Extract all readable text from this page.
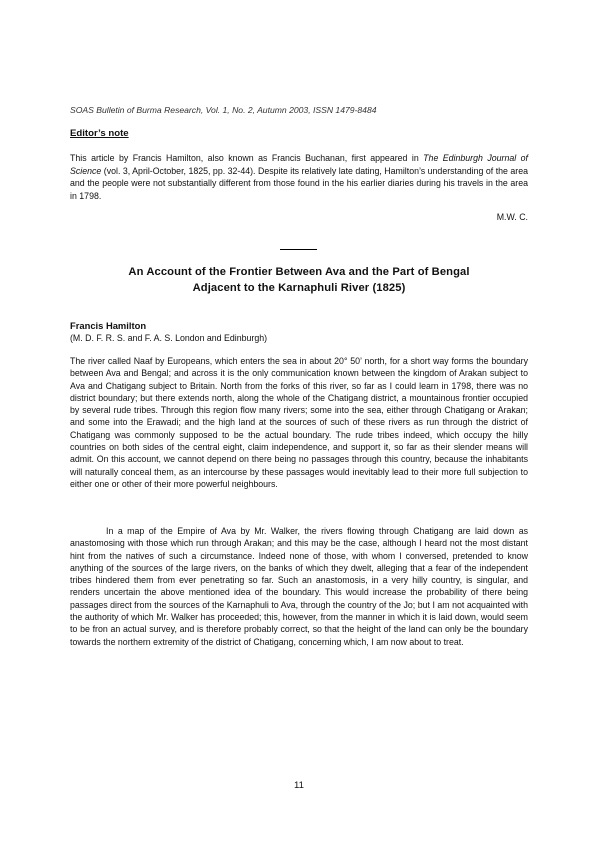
SOAS Bulletin of Burma Research, Vol. 1, No. 2, Autumn 2003, ISSN 1479-8484
Editor’s note
This article by Francis Hamilton, also known as Francis Buchanan, first appeared in The Edinburgh Journal of Science (vol. 3, April-October, 1825, pp. 32-44). Despite its relatively late dating, Hamilton’s understanding of the area and the people were not substantially different from those found in the his earlier diaries during his travels in the area in 1798.
M.W. C.
An Account of the Frontier Between Ava and the Part of Bengal
Adjacent to the Karnaphuli River (1825)
Francis Hamilton
(M. D. F. R. S. and F. A. S. London and Edinburgh)
The river called Naaf by Europeans, which enters the sea in about 20° 50’ north, for a short way forms the boundary between Ava and Bengal; and across it is the only communication known between the kingdom of Arakan subject to Ava and Chatigang subject to Britain. North from the forks of this river, so far as I could learn in 1798, there was no district boundary; but there extends north, along the whole of the Chatigang district, a mountainous frontier occupied by several rude tribes. Through this region flow many rivers; some into the sea, either through Chatigang or Arakan; and some into the Erawadi; and the high land at the sources of such of these rivers as run through the district of Chatigang was commonly supposed to be the actual boundary. The rude tribes indeed, which occupy the hilly countries on both sides of the central eight, claim independence, and support it, so far as their slender means will admit. On this account, we cannot depend on there being no passages through this country, because the inhabitants will naturally conceal them, as an intercourse by these passages would inevitably lead to their more full subjection to either one or other of their more powerful neighbours.
In a map of the Empire of Ava by Mr. Walker, the rivers flowing through Chatigang are laid down as anastomosing with those which run through Arakan; and this may be the case, although I heard not the most distant hint from the natives of such a circumstance. Indeed none of those, with whom I conversed, pretended to know anything of the sources of the large rivers, on the banks of which they dwelt, alleging that a fear of the independent tribes hindered them from ever penetrating so far. Such an anastomosis, in a very hilly country, is singular, and renders uncertain the above mentioned idea of the boundary. This would increase the probability of there being passages direct from the sources of the Karnaphuli to Ava, through the country of the Jo; but I am not acquainted with the authority of which Mr. Walker has proceeded; this, however, from the manner in which it is laid down, would seem to be fron an actual survey, and is therefore probably correct, so that the height of the land can only be the boundary towards the northern extremity of the district of Chatigang, concerning which, I am now about to treat.
11
